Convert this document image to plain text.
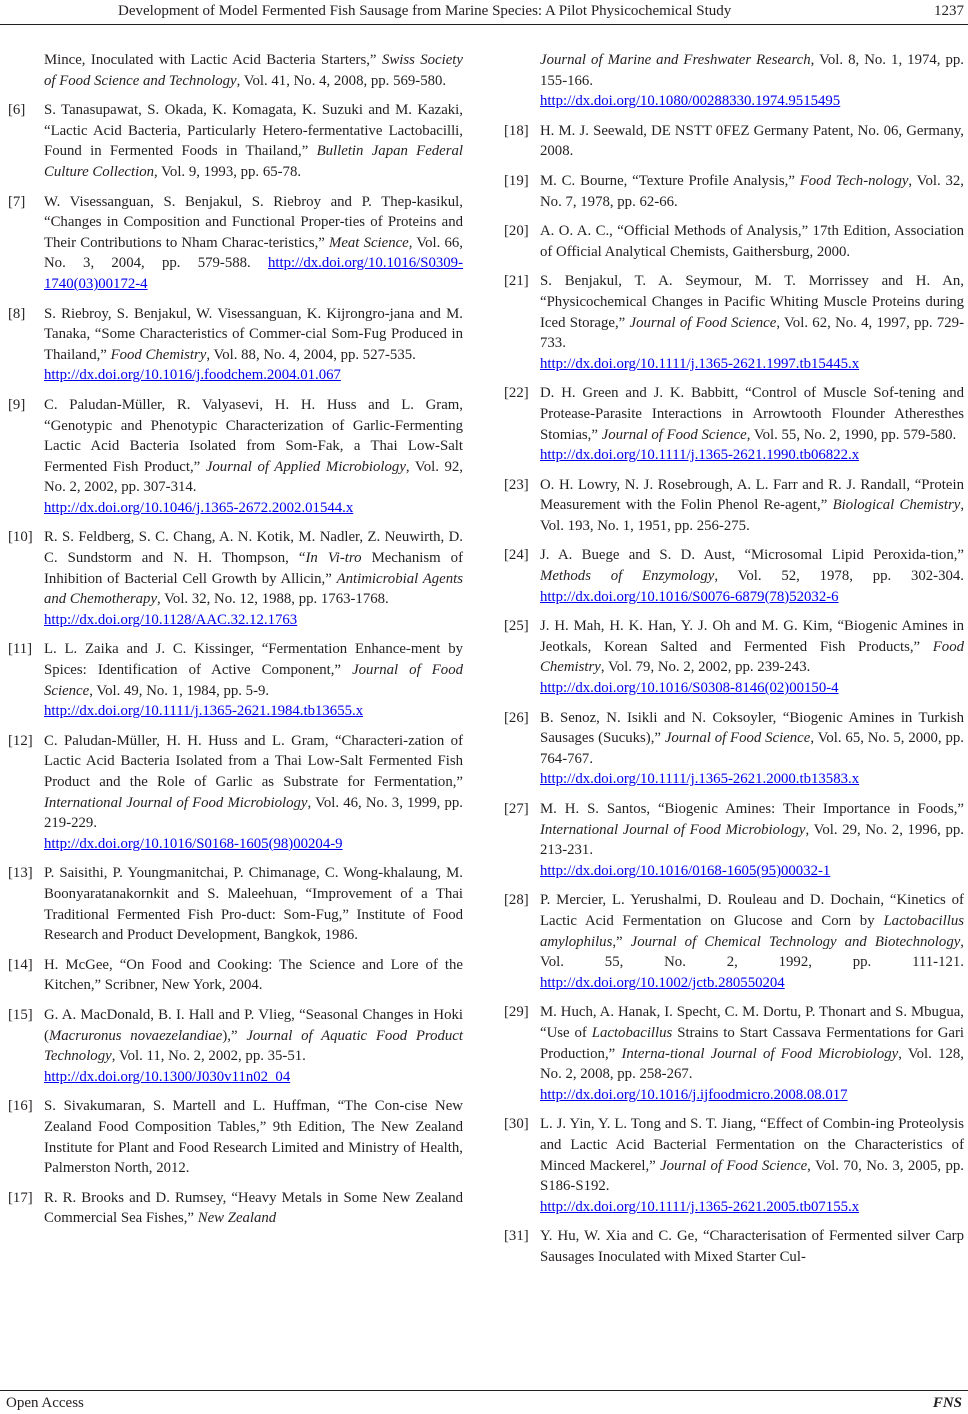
Development of Model Fermented Fish Sausage from Marine Species: A Pilot Physicochemical Study	1237
Mince, Inoculated with Lactic Acid Bacteria Starters,” Swiss Society of Food Science and Technology, Vol. 41, No. 4, 2008, pp. 569-580.
[6] S. Tanasupawat, S. Okada, K. Komagata, K. Suzuki and M. Kazaki, “Lactic Acid Bacteria, Particularly Hetero-fermentative Lactobacilli, Found in Fermented Foods in Thailand,” Bulletin Japan Federal Culture Collection, Vol. 9, 1993, pp. 65-78.
[7] W. Visessanguan, S. Benjakul, S. Riebroy and P. Thep-kasikul, “Changes in Composition and Functional Proper-ties of Proteins and Their Contributions to Nham Charac-teristics,” Meat Science, Vol. 66, No. 3, 2004, pp. 579-588. http://dx.doi.org/10.1016/S0309-1740(03)00172-4
[8] S. Riebroy, S. Benjakul, W. Visessanguan, K. Kijrongro-jana and M. Tanaka, “Some Characteristics of Commer-cial Som-Fug Produced in Thailand,” Food Chemistry, Vol. 88, No. 4, 2004, pp. 527-535.
http://dx.doi.org/10.1016/j.foodchem.2004.01.067
[9] C. Paludan-Müller, R. Valyasevi, H. H. Huss and L. Gram, “Genotypic and Phenotypic Characterization of Garlic-Fermenting Lactic Acid Bacteria Isolated from Som-Fak, a Thai Low-Salt Fermented Fish Product,” Journal of Applied Microbiology, Vol. 92, No. 2, 2002, pp. 307-314.
http://dx.doi.org/10.1046/j.1365-2672.2002.01544.x
[10] R. S. Feldberg, S. C. Chang, A. N. Kotik, M. Nadler, Z. Neuwirth, D. C. Sundstorm and N. H. Thompson, “In Vi-tro Mechanism of Inhibition of Bacterial Cell Growth by Allicin,” Antimicrobial Agents and Chemotherapy, Vol. 32, No. 12, 1988, pp. 1763-1768.
http://dx.doi.org/10.1128/AAC.32.12.1763
[11] L. L. Zaika and J. C. Kissinger, “Fermentation Enhance-ment by Spices: Identification of Active Component,” Journal of Food Science, Vol. 49, No. 1, 1984, pp. 5-9.
http://dx.doi.org/10.1111/j.1365-2621.1984.tb13655.x
[12] C. Paludan-Müller, H. H. Huss and L. Gram, “Characteri-zation of Lactic Acid Bacteria Isolated from a Thai Low-Salt Fermented Fish Product and the Role of Garlic as Substrate for Fermentation,” International Journal of Food Microbiology, Vol. 46, No. 3, 1999, pp. 219-229.
http://dx.doi.org/10.1016/S0168-1605(98)00204-9
[13] P. Saisithi, P. Youngmanitchai, P. Chimanage, C. Wong-khalaung, M. Boonyaratanakornkit and S. Maleehuan, “Improvement of a Thai Traditional Fermented Fish Pro-duct: Som-Fug,” Institute of Food Research and Product Development, Bangkok, 1986.
[14] H. McGee, “On Food and Cooking: The Science and Lore of the Kitchen,” Scribner, New York, 2004.
[15] G. A. MacDonald, B. I. Hall and P. Vlieg, “Seasonal Changes in Hoki (Macruronus novaezelandiae),” Journal of Aquatic Food Product Technology, Vol. 11, No. 2, 2002, pp. 35-51.
http://dx.doi.org/10.1300/J030v11n02_04
[16] S. Sivakumaran, S. Martell and L. Huffman, “The Con-cise New Zealand Food Composition Tables,” 9th Edition, The New Zealand Institute for Plant and Food Research Limited and Ministry of Health, Palmerston North, 2012.
[17] R. R. Brooks and D. Rumsey, “Heavy Metals in Some New Zealand Commercial Sea Fishes,” New Zealand
Journal of Marine and Freshwater Research, Vol. 8, No. 1, 1974, pp. 155-166.
http://dx.doi.org/10.1080/00288330.1974.9515495
[18] H. M. J. Seewald, DE NSTT 0FEZ Germany Patent, No. 06, Germany, 2008.
[19] M. C. Bourne, “Texture Profile Analysis,” Food Tech-nology, Vol. 32, No. 7, 1978, pp. 62-66.
[20] A. O. A. C., “Official Methods of Analysis,” 17th Edition, Association of Official Analytical Chemists, Gaithersburg, 2000.
[21] S. Benjakul, T. A. Seymour, M. T. Morrissey and H. An, “Physicochemical Changes in Pacific Whiting Muscle Proteins during Iced Storage,” Journal of Food Science, Vol. 62, No. 4, 1997, pp. 729-733.
http://dx.doi.org/10.1111/j.1365-2621.1997.tb15445.x
[22] D. H. Green and J. K. Babbitt, “Control of Muscle Sof-tening and Protease-Parasite Interactions in Arrowtooth Flounder Atheresthes Stomias,” Journal of Food Science, Vol. 55, No. 2, 1990, pp. 579-580.
http://dx.doi.org/10.1111/j.1365-2621.1990.tb06822.x
[23] O. H. Lowry, N. J. Rosebrough, A. L. Farr and R. J. Randall, “Protein Measurement with the Folin Phenol Re-agent,” Biological Chemistry, Vol. 193, No. 1, 1951, pp. 256-275.
[24] J. A. Buege and S. D. Aust, “Microsomal Lipid Peroxida-tion,” Methods of Enzymology, Vol. 52, 1978, pp. 302-304. http://dx.doi.org/10.1016/S0076-6879(78)52032-6
[25] J. H. Mah, H. K. Han, Y. J. Oh and M. G. Kim, “Biogenic Amines in Jeotkals, Korean Salted and Fermented Fish Products,” Food Chemistry, Vol. 79, No. 2, 2002, pp. 239-243.
http://dx.doi.org/10.1016/S0308-8146(02)00150-4
[26] B. Senoz, N. Isikli and N. Coksoyler, “Biogenic Amines in Turkish Sausages (Sucuks),” Journal of Food Science, Vol. 65, No. 5, 2000, pp. 764-767.
http://dx.doi.org/10.1111/j.1365-2621.2000.tb13583.x
[27] M. H. S. Santos, “Biogenic Amines: Their Importance in Foods,” International Journal of Food Microbiology, Vol. 29, No. 2, 1996, pp. 213-231.
http://dx.doi.org/10.1016/0168-1605(95)00032-1
[28] P. Mercier, L. Yerushalmi, D. Rouleau and D. Dochain, “Kinetics of Lactic Acid Fermentation on Glucose and Corn by Lactobacillus amylophilus,” Journal of Chemical Technology and Biotechnology, Vol. 55, No. 2, 1992, pp. 111-121. http://dx.doi.org/10.1002/jctb.280550204
[29] M. Huch, A. Hanak, I. Specht, C. M. Dortu, P. Thonart and S. Mbugua, “Use of Lactobacillus Strains to Start Cassava Fermentations for Gari Production,” Interna-tional Journal of Food Microbiology, Vol. 128, No. 2, 2008, pp. 258-267.
http://dx.doi.org/10.1016/j.ijfoodmicro.2008.08.017
[30] L. J. Yin, Y. L. Tong and S. T. Jiang, “Effect of Combin-ing Proteolysis and Lactic Acid Bacterial Fermentation on the Characteristics of Minced Mackerel,” Journal of Food Science, Vol. 70, No. 3, 2005, pp. S186-S192.
http://dx.doi.org/10.1111/j.1365-2621.2005.tb07155.x
[31] Y. Hu, W. Xia and C. Ge, “Characterisation of Fermented silver Carp Sausages Inoculated with Mixed Starter Cul-
Open Access	FNS
